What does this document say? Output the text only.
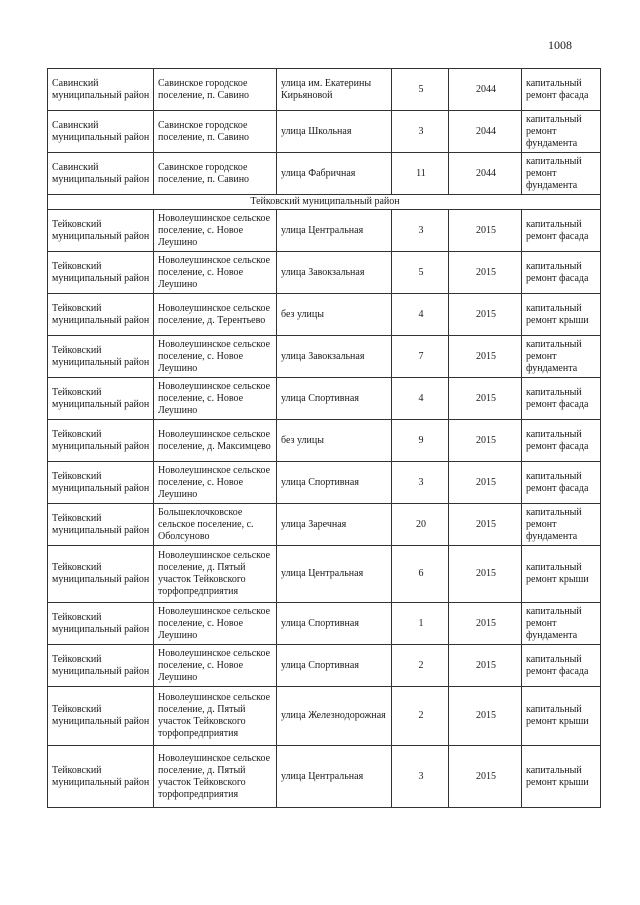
1008
Савинский муниципальный район	Савинское городское поселение, п. Савино	улица им. Екатерины Кирьяновой	5	2044	капитальный ремонт фасада
Савинский муниципальный район	Савинское городское поселение, п. Савино	улица Школьная	3	2044	капитальный ремонт фундамента
Савинский муниципальный район	Савинское городское поселение, п. Савино	улица Фабричная	11	2044	капитальный ремонт фундамента
Тейковский муниципальный район					
Тейковский муниципальный район	Новолеушинское сельское поселение, с. Новое Леушино	улица Центральная	3	2015	капитальный ремонт фасада
Тейковский муниципальный район	Новолеушинское сельское поселение, с. Новое Леушино	улица Завокзальная	5	2015	капитальный ремонт фасада
Тейковский муниципальный район	Новолеушинское сельское поселение, д. Терентьево	без улицы	4	2015	капитальный ремонт крыши
Тейковский муниципальный район	Новолеушинское сельское поселение, с. Новое Леушино	улица Завокзальная	7	2015	капитальный ремонт фундамента
Тейковский муниципальный район	Новолеушинское сельское поселение, с. Новое Леушино	улица Спортивная	4	2015	капитальный ремонт фасада
Тейковский муниципальный район	Новолеушинское сельское поселение, д. Максимцево	без улицы	9	2015	капитальный ремонт фасада
Тейковский муниципальный район	Новолеушинское сельское поселение, с. Новое Леушино	улица Спортивная	3	2015	капитальный ремонт фасада
Тейковский муниципальный район	Большеклочковское сельское поселение, с. Оболсуново	улица Заречная	20	2015	капитальный ремонт фундамента
Тейковский муниципальный район	Новолеушинское сельское поселение, д. Пятый участок Тейковского торфопредприятия	улица Центральная	6	2015	капитальный ремонт крыши
Тейковский муниципальный район	Новолеушинское сельское поселение, с. Новое Леушино	улица Спортивная	1	2015	капитальный ремонт фундамента
Тейковский муниципальный район	Новолеушинское сельское поселение, с. Новое Леушино	улица Спортивная	2	2015	капитальный ремонт фасада
Тейковский муниципальный район	Новолеушинское сельское поселение, д. Пятый участок Тейковского торфопредприятия	улица Железнодорожная	2	2015	капитальный ремонт крыши
Тейковский муниципальный район	Новолеушинское сельское поселение, д. Пятый участок Тейковского торфопредприятия	улица Центральная	3	2015	капитальный ремонт крыши
